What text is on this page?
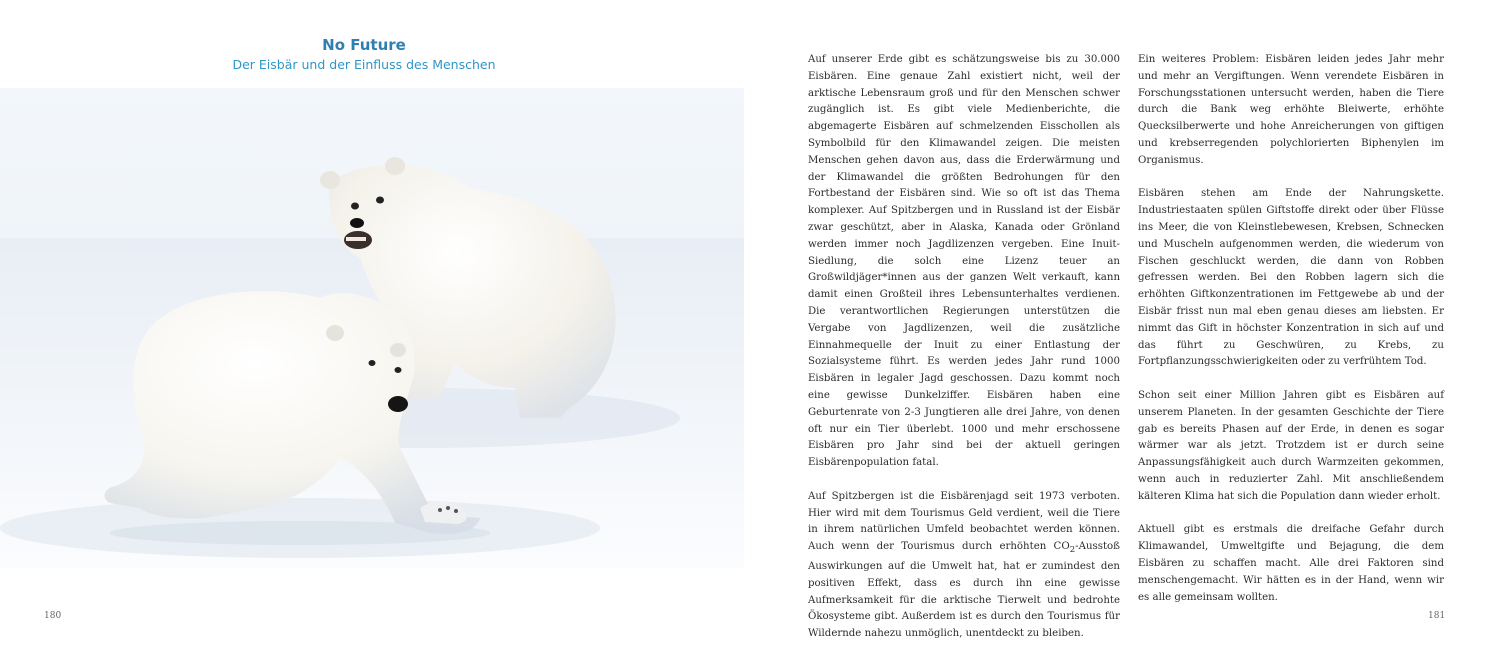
No Future
Der Eisbär und der Einfluss des Menschen	Auf unserer Erde gibt es schätzungsweise bis zu 30.000 Eisbären. Eine genaue Zahl existiert nicht, weil der arktische Lebensraum groß und für den Menschen schwer zugänglich ist. Es gibt viele Medienberichte, die abgemagerte Eisbären auf schmelzenden Eisschollen als Symbolbild für den Klimawandel zeigen. Die meisten Menschen gehen davon aus, dass die Erderwärmung und der Klimawandel die größten Bedrohungen für den Fortbestand der Eisbären sind. Wie so oft ist das Thema komplexer. Auf Spitzbergen und in Russland ist der Eisbär zwar geschützt, aber in Alaska, Kanada oder Grönland werden immer noch Jagdlizenzen vergeben. Eine Inuit-Siedlung, die solch eine Lizenz teuer an Großwildjäger*innen aus der ganzen Welt verkauft, kann damit einen Großteil ihres Lebensunterhaltes verdienen. Die verantwortlichen Regierungen unterstützen die Vergabe von Jagdlizenzen, weil die zusätzliche Einnahmequelle der Inuit zu einer Entlastung der Sozialsysteme führt. Es werden jedes Jahr rund 1000 Eisbären in legaler Jagd geschossen. Dazu kommt noch eine gewisse Dunkelziffer. Eisbären haben eine Geburtenrate von 2-3 Jungtieren alle drei Jahre, von denen oft nur ein Tier überlebt. 1000 und mehr erschossene Eisbären pro Jahr sind bei der aktuell geringen Eisbärenpopulation fatal.

Auf Spitzbergen ist die Eisbärenjagd seit 1973 verboten. Hier wird mit dem Tourismus Geld verdient, weil die Tiere in ihrem natürlichen Umfeld beobachtet werden können. Auch wenn der Tourismus durch erhöhten $CO_2$-Ausstoß Auswirkungen auf die Umwelt hat, hat er zumindest den positiven Effekt, dass es durch ihn eine gewisse Aufmerksamkeit für die arktische Tierwelt und bedrohte Ökosysteme gibt. Außerdem ist es durch den Tourismus für Wildernde nahezu unmöglich, unentdeckt zu bleiben.

Ein weiteres Problem: Eisbären leiden jedes Jahr mehr und mehr an Vergiftungen. Wenn verendete Eisbären in Forschungsstationen untersucht werden, haben die Tiere durch die Bank weg erhöhte Bleiwerte, erhöhte Quecksilberwerte und hohe Anreicherungen von giftigen und krebserregenden polychlorierten Biphenylen im Organismus.

Eisbären stehen am Ende der Nahrungskette. Industriestaaten spülen Giftstoffe direkt oder über Flüsse ins Meer, die von Kleinstlebewesen, Krebsen, Schnecken und Muscheln aufgenommen werden, die wiederum von Fischen geschluckt werden, die dann von Robben gefressen werden. Bei den Robben lagern sich die erhöhten Giftkonzentrationen im Fettgewebe ab und der Eisbär frisst nun mal eben genau dieses am liebsten. Er nimmt das Gift in höchster Konzentration in sich auf und das führt zu Geschwüren, zu Krebs, zu Fortpflanzungsschwierigkeiten oder zu verfrühtem Tod.

Schon seit einer Million Jahren gibt es Eisbären auf unserem Planeten. In der gesamten Geschichte der Tiere gab es bereits Phasen auf der Erde, in denen es sogar wärmer war als jetzt. Trotzdem ist er durch seine Anpassungsfähigkeit auch durch Warmzeiten gekommen, wenn auch in reduzierter Zahl. Mit anschließendem kälteren Klima hat sich die Population dann wieder erholt.

Aktuell gibt es erstmals die dreifache Gefahr durch Klimawandel, Umweltgifte und Bejagung, die dem Eisbären zu schaffen macht. Alle drei Faktoren sind menschengemacht. Wir hätten es in der Hand, wenn wir es alle gemeinsam wollten.

180	181
